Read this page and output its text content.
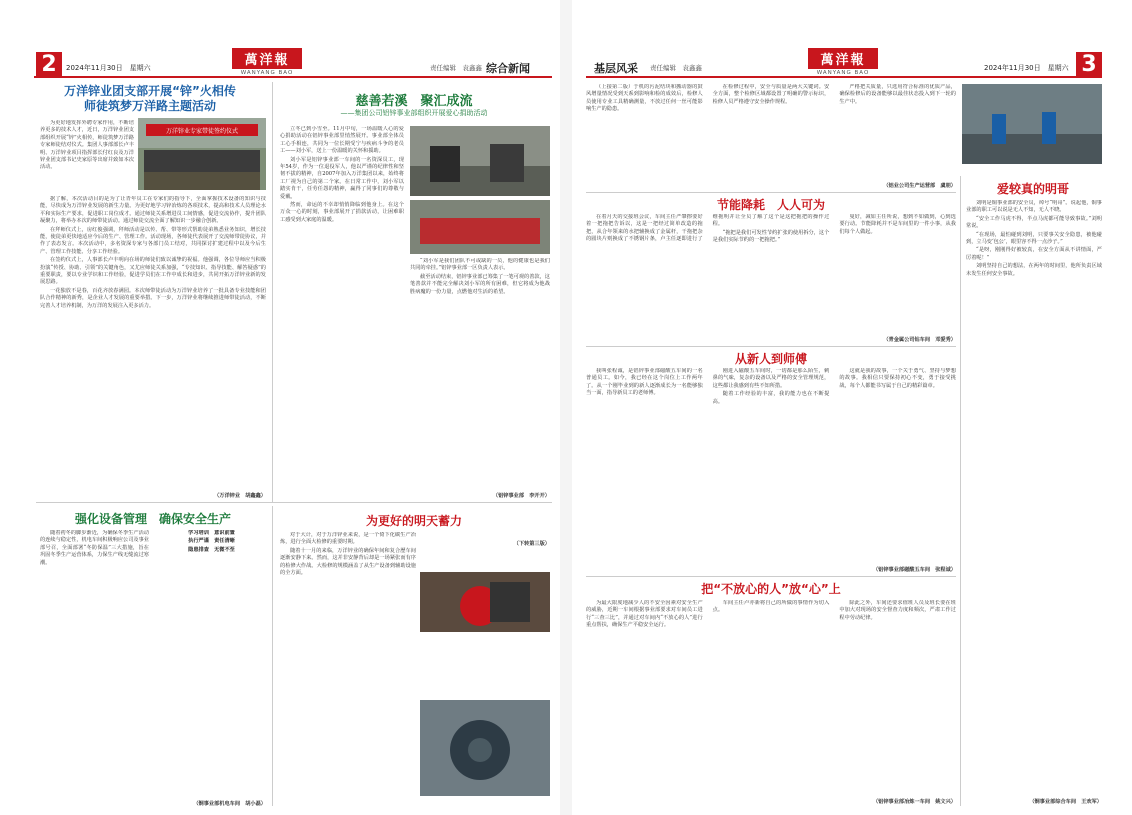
2	萬洋報
WANYANG BAO
2024年11月30日　星期六	责任编辑　袁鑫鑫 综合新闻
万洋锌业团支部开展“锌”火相传
师徒筑梦万洋路主题活动
万洋锌业专家带徒签约仪式

为更好地发挥外聘专家作用，不断培养更多的技术人才，近日，万洋锌业团支部组织开展“锌”火相传，师徒筑梦万洋路专家师徒结对仪式。集团人事部部长卢丰明、万洋锌业项目指挥部长付红良及万洋锌业团支部书记史家原等出席并致如本次活动。

据了解，本次活动目的是为了让青年员工在专家们的指导下，全面掌握技术设备的知识与技能，尽快成为万洋锌业发展的新生力量。为更好地学习锌冶炼的各项技术，提高和技术人员理论水平和实际生产要求，促进职工岗位成才。通过师徒关系增进员工间情感，促进交流协作，提升团队凝聚力，将举办本次的师带徒活动。通过师徒交流全面了解知识一步融合创新。

在拜师仪式上，房红俊强调，拜师活动是以传、帮、带等形式帮助徒弟熟悉业务知识，增长技能，使徒弟更快地适应今后的生产、管理工作。活动现场，各师徒代表展开了交流师带徒协议，并作了表态发言。本次活动中，多名资深专家与各部门员工结对，共同探讨扩建过程中以及今后生产、管理工作技能、分享工作经验。

在签约仪式上，人事部长卢丰明向在场的师徒们致以诚挚的祝福。他强调，各位导师应当积极扮演“传授、协助、引领”的关键角色，又尤应师徒关系加强，“专技知识、指导技能、解答疑惑”的重要职责，要以专业学识和工作经验，促进学员们在工作中成长和进步，共同开拓万洋锌业新的发展思路。

一花独放不是春，百花齐放春满园。本次师带徒活动为万洋锌业培养了一批具备专业技能和团队合作精神的新秀，是企业人才发展的重要举措。下一步，万洋锌业将继续推进师带徒活动，不断完善人才培养机制，为万洋的发展注入更多活力。

（万洋锌业　胡鑫鑫）
慈善若溪　聚汇成流
——集团公司铝锌事业部组织开展爱心捐助活动

立冬已到小雪至。11月中旬，一场温暖人心的爱心捐助活动在铝锌事业部里悄然展开。事业部全体员工心手相连，共同为一位长期受宁与疾病斗争的老员工——刘小军，送上一份温暖的关怀和援助。

刘小军是铝锌事业部一车间的一名资深员工，现年54岁，作为一位退役军人，他以严谨的纪律性和坚韧不拔的精神，自2007年加入万洋集团以来，始终将工厂视为自己的第二个家。在日常工作中，刘小军以踏实肯干，任劳任怨的精神，赢得了同事们的尊敬与爱戴。

然而，命运的不幸却悄悄降临到他身上。在这个万众一心的时刻，事业部展开了捐款活动，让困难职工感受到大家庭的温暖。

“刘小军是我们团队不可或缺的一员，他的健康也是我们共同的牵挂。”铝锌事业部一区负责人表示。

截至活动结束，铝锌事业部已筹集了一笔可观的善款，这笔善款并不能完全解决刘小军的所有困难，但它将成为他战胜病魔的一份力量，点燃他对生活的希望。

（铝锌事业部　李开开）
强化设备管理　确保安全生产

随着初冬的脚步渐近，为确保冬季生产活动的连续与稳定性，机电车间积极响应公司及事业部号召，全面部署“冬防保温”三大措施，旨在巩固冬季生产运营体系，力保生产线无缝流过寒潮。

学习培训　意识前置

执行严谨　责任清晰

隐患排查　无微不至

（铜事业部机电车间　胡小磊）
为更好的明天蓄力

对于大计，对于万洋锌业来说，是一个倚下化碳生产冶炼，进行全面大检修的重要时期。

随着十一月的来临，万洋锌业的确保年间和复合歷车间逐渐安静下来。然而，这并非安静背后却是一场紧张而有序的检修大作战。大检修的规模涵盖了从生产设备到辅助设施的全方面。

（下转第三版）
基层风采 责任编辑　袁鑫鑫	萬洋報
WANYANG BAO
2024年11月30日　星期六 3

（上接第二版）于机的污泥结块和搬动器的鼓风增量情况受到天系到影响和检的成效后，检修人员使用专业工具精确测量，不放过任何一丝可能影响生产的隐患。

在检修过程中，安全与质量是两大关键词。安全方面，整个检修区域都设置了明确的警示标识，检修人员严格遵守安全操作规程。

严格把关质量，只选用符合标准的优质产品，确保检修后的设备能够以最佳状态投入到下一轮的生产中。

（铝业公司生产运营部　虞朋）
节能降耗　人人可为

在着月天的交接班会议，车间主任严肇擦要好着一把拖把告诉以，这是一把经过简单改造的拖把，从合年领来的水把辅换成了金属杆，干拖把杂的圆块片则换成了不锈钢片条，卢主任逐即进行了维拖明并让全员了解了这个是这把拖把的操作过程。

“拖把是我们可发性节约扩张的使用拆分，这个是我们实际节约的一把拖把。”

曼好，减如主任所说，想到不如做到，心到选要行动。节能降耗并不是车间里的一件小事，从我们每个人做起。

（青金属公司钻车间　邓爱秀）
从新人到师傅

我叫张程诚，是铝锌事业部磁酸五车间的一名普通员工。如今，我已经在这个岗位上工作两年了。从一个刚毕业到的新人逐渐成长为一名能够独当一面，指导新员工的老师傅。

刚进入磁酸五车间时，一切都是那么陌生，刺鼻的气味，复杂的设备以及严格的安全管理规范，这些都让我感到有些不知所措。

随着工作经验的丰富，我的能力也在不断提高。

这就是我的故事，一个关于勇气、坚持与梦想的故事。我相信只要保持初心不变，勇于接受挑战，每个人都能书写属于自己的精彩篇章。

（铝锌事业部磁酸五车间　张程诚）
把“不放心的人”放“心”上

为最大限度地减少人的不安全因素对安全生产的威胁，近期一车间根据事业部要求对车间员工进行“三查三比”，并通过对车间内“不放心的人”进行重点帮扶，确保生产平稳安全运行。

车间主任卢亦新将自己的所做的事情作为切入点。

除此之外，车间还要求值班人员及班长要在班中加大对现场的安全督查力度和频次，严肃工作过程中劳动纪律。

（铝锌事业部冶炼一车间　姚文兴）
爱较真的明哥

刘明是铜事业部的安全员，绰号“明哥”。说起他，铜事业部的职工可以说是无人不知，无人不晓。

“安全工作马虎不得，半点马虎都可能导致事故。”刘明常说。

“在现场，最怕碰到刘明，只要事关安全隐患，被他碰到，立马变‘包公’，眼里容不得一点沙子。”

“是呀，刚刚得好被较真，在安全方面从不讲情面，严厉着呢！”

刘明坚持自己的想法，在两年的时间里，他所负责区域未发生任何安全事故。

（铜事业部综合车间　王欢军）
